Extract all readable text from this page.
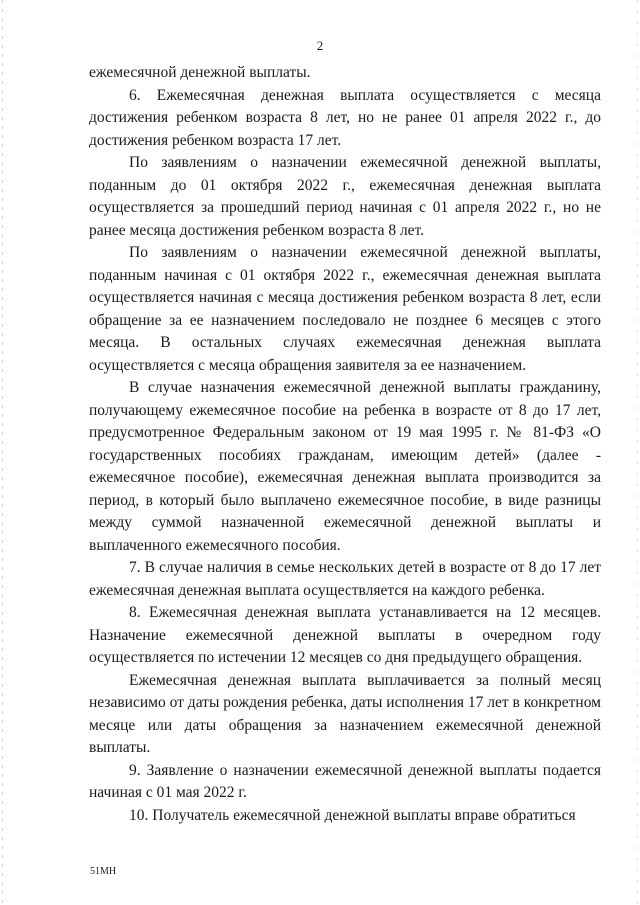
2

ежемесячной денежной выплаты.

6. Ежемесячная денежная выплата осуществляется с месяца достижения ребенком возраста 8 лет, но не ранее 01 апреля 2022 г., до достижения ребенком возраста 17 лет.

По заявлениям о назначении ежемесячной денежной выплаты, поданным до 01 октября 2022 г., ежемесячная денежная выплата осуществляется за прошедший период начиная с 01 апреля 2022 г., но не ранее месяца достижения ребенком возраста 8 лет.

По заявлениям о назначении ежемесячной денежной выплаты, поданным начиная с 01 октября 2022 г., ежемесячная денежная выплата осуществляется начиная с месяца достижения ребенком возраста 8 лет, если обращение за ее назначением последовало не позднее 6 месяцев с этого месяца. В остальных случаях ежемесячная денежная выплата осуществляется с месяца обращения заявителя за ее назначением.

В случае назначения ежемесячной денежной выплаты гражданину, получающему ежемесячное пособие на ребенка в возрасте от 8 до 17 лет, предусмотренное Федеральным законом от 19 мая 1995 г. № 81-ФЗ «О государственных пособиях гражданам, имеющим детей» (далее - ежемесячное пособие), ежемесячная денежная выплата производится за период, в который было выплачено ежемесячное пособие, в виде разницы между суммой назначенной ежемесячной денежной выплаты и выплаченного ежемесячного пособия.

7. В случае наличия в семье нескольких детей в возрасте от 8 до 17 лет ежемесячная денежная выплата осуществляется на каждого ребенка.

8. Ежемесячная денежная выплата устанавливается на 12 месяцев. Назначение ежемесячной денежной выплаты в очередном году осуществляется по истечении 12 месяцев со дня предыдущего обращения.

Ежемесячная денежная выплата выплачивается за полный месяц независимо от даты рождения ребенка, даты исполнения 17 лет в конкретном месяце или даты обращения за назначением ежемесячной денежной выплаты.

9. Заявление о назначении ежемесячной денежной выплаты подается начиная с 01 мая 2022 г.

10. Получатель ежемесячной денежной выплаты вправе обратиться

51МН
